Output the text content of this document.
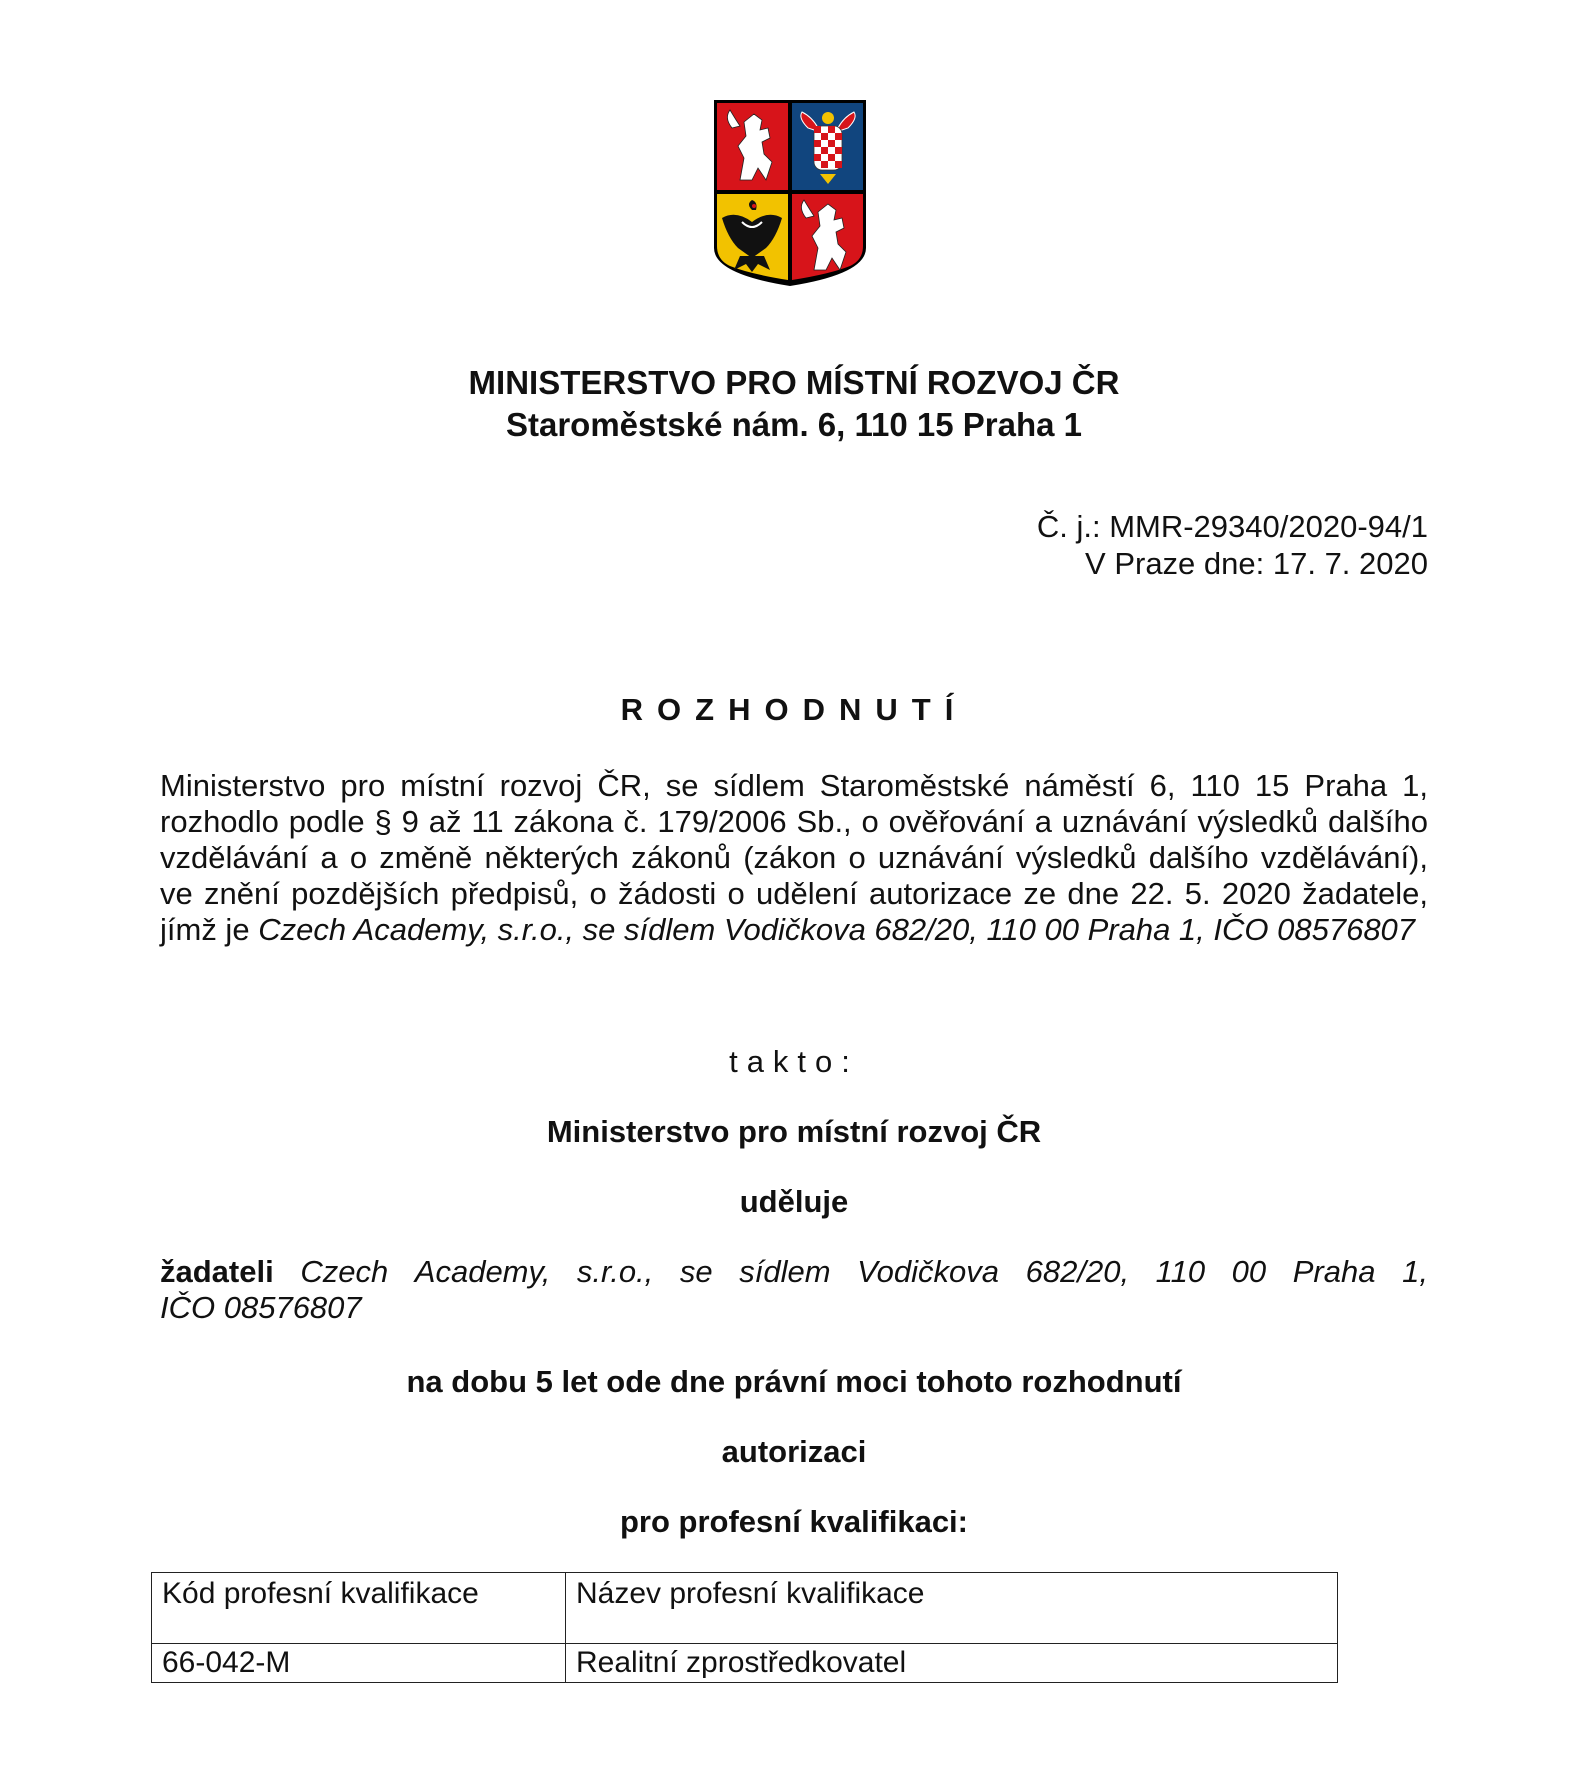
MINISTERSTVO PRO MÍSTNÍ ROZVOJ ČR
Staroměstské nám. 6, 110 15 Praha 1
Č. j.: MMR-29340/2020-94/1
V Praze dne: 17. 7. 2020
ROZHODNUTÍ
Ministerstvo pro místní rozvoj ČR, se sídlem Staroměstské náměstí 6, 110 15 Praha 1, rozhodlo podle § 9 až 11 zákona č. 179/2006 Sb., o ověřování a uznávání výsledků dalšího vzdělávání a o změně některých zákonů (zákon o uznávání výsledků dalšího vzdělávání), ve znění pozdějších předpisů, o žádosti o udělení autorizace ze dne 22. 5. 2020 žadatele, jímž je Czech Academy, s.r.o., se sídlem Vodičkova 682/20, 110 00 Praha 1, IČO 08576807
takto:
Ministerstvo pro místní rozvoj ČR
uděluje
žadateli Czech Academy, s.r.o., se sídlem Vodičkova 682/20, 110 00 Praha 1,
IČO 08576807
na dobu 5 let ode dne právní moci tohoto rozhodnutí
autorizaci
pro profesní kvalifikaci:
Kód profesní kvalifikace	Název profesní kvalifikace
66-042-M	Realitní zprostředkovatel
